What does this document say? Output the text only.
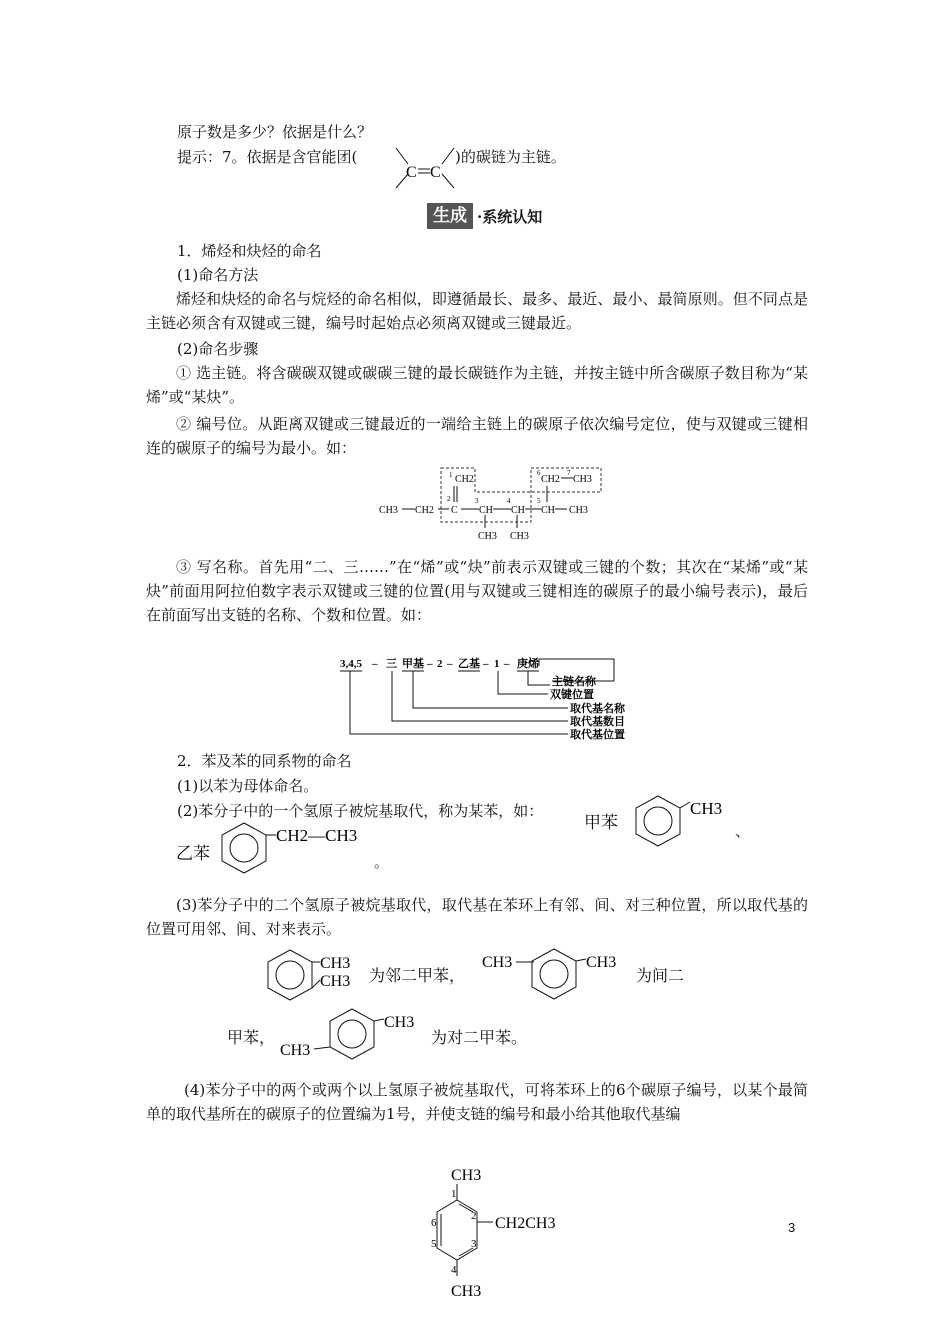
原子数是多少？依据是什么？
提示：7。依据是含官能团(
C C
)的碳链为主链。
生成 ·系统认知
1．烯烃和炔烃的命名
(1)命名方法
烯烃和炔烃的命名与烷烃的命名相似，即遵循最长、最多、最近、最小、最简原则。但不同点是主链必须含有双键或三键，编号时起始点必须离双键或三键最近。
(2)命名步骤
① 选主链。将含碳碳双键或碳碳三键的最长碳链作为主链，并按主链中所含碳原子数目称为“某烯”或“某炔”。
② 编号位。从距离双键或三键最近的一端给主链上的碳原子依次编号定位，使与双键或三键相连的碳原子的编号为最小。如：
CH3 CH2 C
CH2
1
2
CH
3
CH3
CH
4
CH3
CH
5
CH2
6
CH3
7
CH3
③ 写名称。首先用“二、三……”在“烯”或“炔”前表示双键或三键的个数；其次在“某烯”或“某炔”前面用阿拉伯数字表示双键或三键的位置(用与双键或三键相连的碳原子的最小编号表示)，最后在前面写出支链的名称、个数和位置。如：
3,4,5 – 三 甲基 – 2 – 乙基 – 1 – 庚烯
主链名称
双键位置
取代基名称
取代基数目
取代基位置
2．苯及苯的同系物的命名
(1)以苯为母体命名。
(2)苯分子中的一个氢原子被烷基取代，称为某苯，如：
甲苯
CH3
、
乙苯
CH2—CH3
。
(3)苯分子中的二个氢原子被烷基取代，取代基在苯环上有邻、间、对三种位置，所以取代基的位置可用邻、间、对来表示。
CH3
CH3 为邻二甲苯，
CH3	CH3
为间二
甲苯，
CH3
CH3
为对二甲苯。
(4)苯分子中的两个或两个以上氢原子被烷基取代，可将苯环上的6个碳原子编号，以某个最简单的取代基所在的碳原子的位置编为1号，并使支链的编号和最小给其他取代基编
CH3
CH2CH3
CH3
1
2
3
4
5
6	3
